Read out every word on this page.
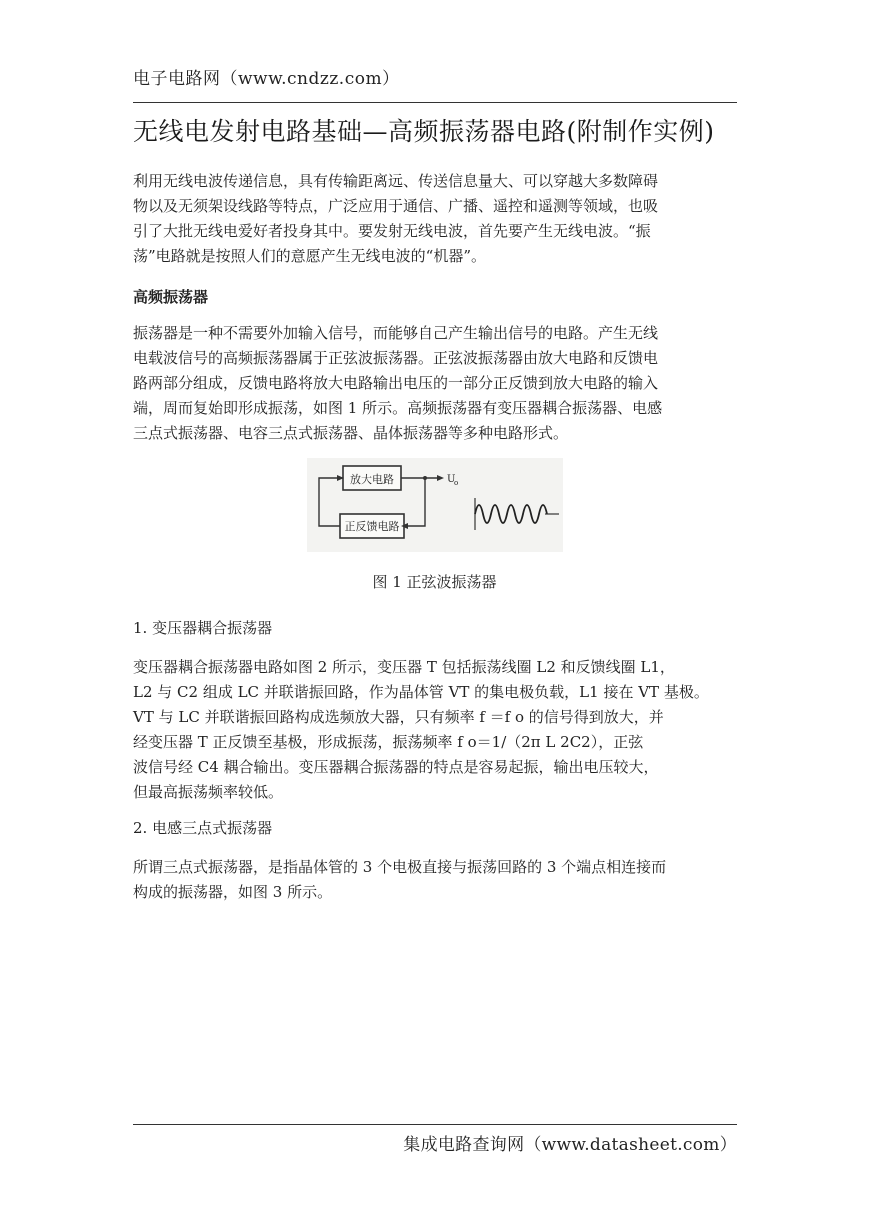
电子电路网（www.cndzz.com）
无线电发射电路基础—高频振荡器电路(附制作实例)
利用无线电波传递信息，具有传输距离远、传送信息量大、可以穿越大多数障碍
物以及无须架设线路等特点，广泛应用于通信、广播、遥控和遥测等领域，也吸
引了大批无线电爱好者投身其中。要发射无线电波，首先要产生无线电波。“振
荡”电路就是按照人们的意愿产生无线电波的“机器”。
高频振荡器
振荡器是一种不需要外加输入信号，而能够自己产生输出信号的电路。产生无线
电载波信号的高频振荡器属于正弦波振荡器。正弦波振荡器由放大电路和反馈电
路两部分组成，反馈电路将放大电路输出电压的一部分正反馈到放大电路的输入
端，周而复始即形成振荡，如图 1 所示。高频振荡器有变压器耦合振荡器、电感
三点式振荡器、电容三点式振荡器、晶体振荡器等多种电路形式。
放大电路
正反馈电路
U
o
图 1 正弦波振荡器
1. 变压器耦合振荡器
变压器耦合振荡器电路如图 2 所示，变压器 T 包括振荡线圈 L2 和反馈线圈 L1，
L2 与 C2 组成 LC 并联谐振回路，作为晶体管 VT 的集电极负载，L1 接在 VT 基极。
VT 与 LC 并联谐振回路构成选频放大器，只有频率 f ＝f o 的信号得到放大，并
经变压器 T 正反馈至基极，形成振荡，振荡频率 f o＝1/（2π L 2C2），正弦
波信号经 C4 耦合输出。变压器耦合振荡器的特点是容易起振，输出电压较大，
但最高振荡频率较低。
2. 电感三点式振荡器
所谓三点式振荡器，是指晶体管的 3 个电极直接与振荡回路的 3 个端点相连接而
构成的振荡器，如图 3 所示。
集成电路查询网（www.datasheet.com）
